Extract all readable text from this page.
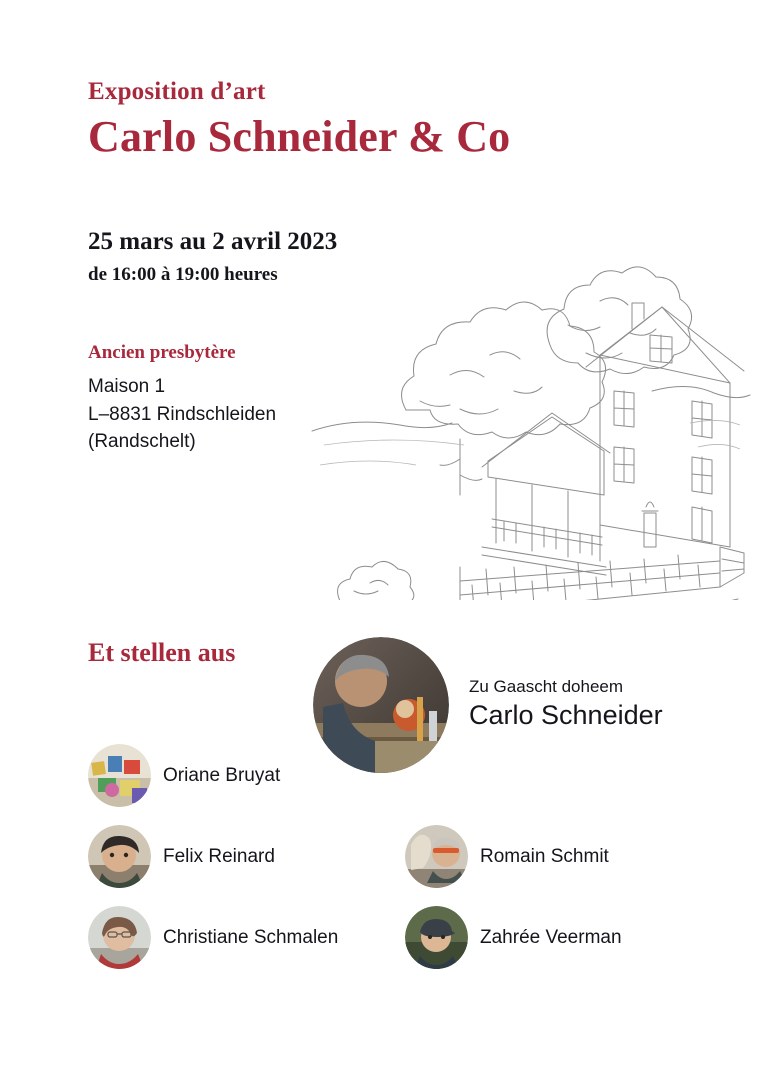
Exposition d’art
Carlo Schneider & Co
25 mars au 2 avril 2023
de 16:00 à 19:00 heures
Ancien presbytère
Maison 1
L–8831 Rindschleiden
(Randschelt)
Et stellen aus
Zu Gaascht doheem
Carlo Schneider
Oriane Bruyat
Felix Reinard
Christiane Schmalen
Romain Schmit
Zahrée Veerman
